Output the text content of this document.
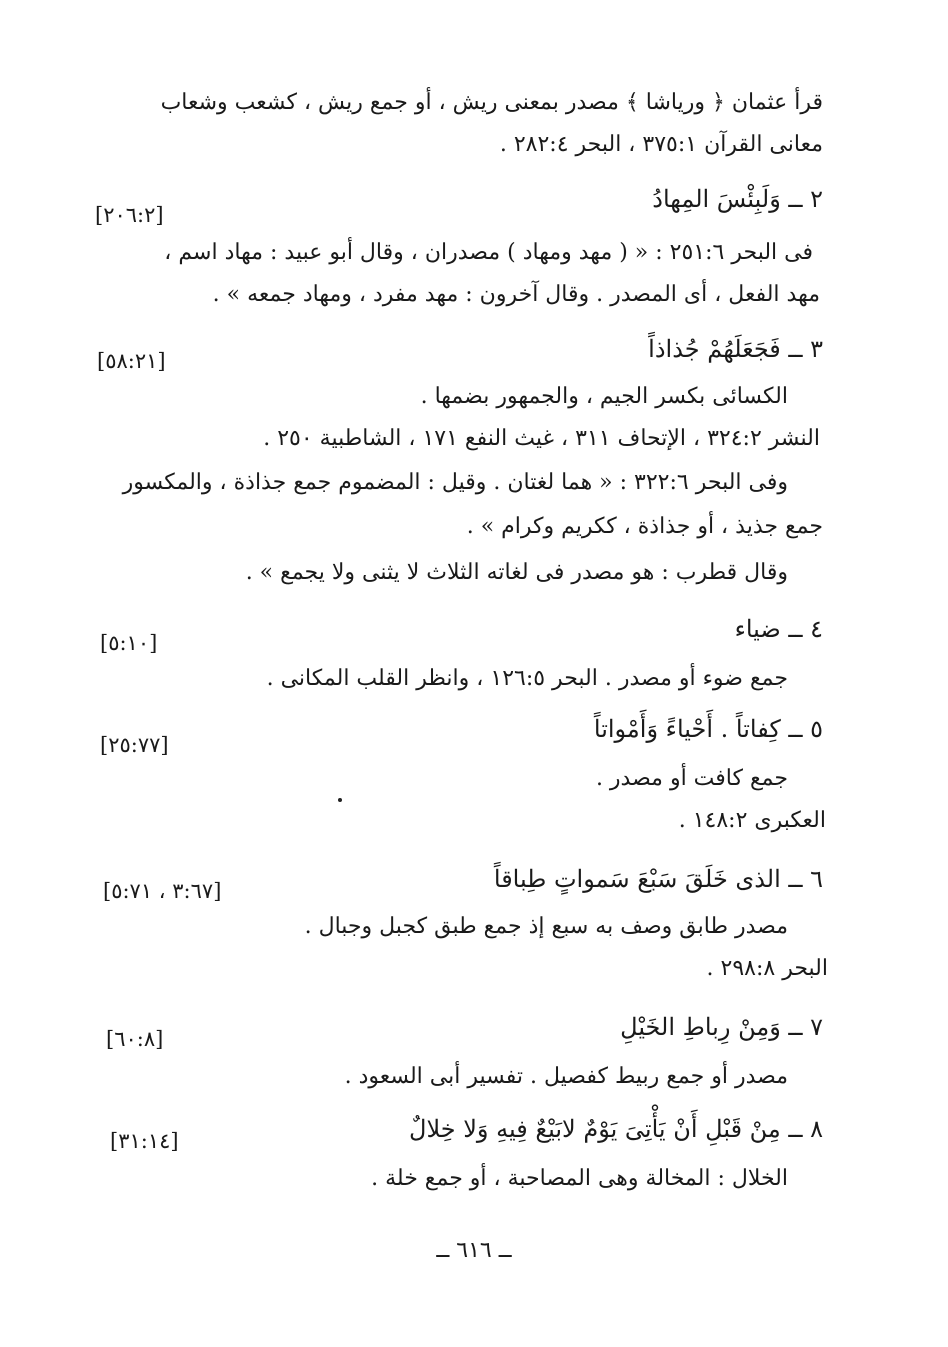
قرأ عثمان ﴿ ورياشا ﴾ مصدر بمعنى ريش ، أو جمع ريش ، كشعب وشعاب
معانى القرآن ٣٧٥:١ ، البحر ٢٨٢:٤ .
٢ ــ وَلَبِئْسَ المِهادُ
[٢٠٦:٢]
فى البحر ٢٥١:٦ : « ( مهد ومهاد ) مصدران ، وقال أبو عبيد : مهاد اسم ،
مهد الفعل ، أى المصدر . وقال آخرون : مهد مفرد ، ومهاد جمعه » .
٣ ــ فَجَعَلَهُمْ جُذاذاً
[٥٨:٢١]
الكسائى بكسر الجيم ، والجمهور بضمها .
النشر ٣٢٤:٢ ، الإتحاف ٣١١ ، غيث النفع ١٧١ ، الشاطبية ٢٥٠ .
وفى البحر ٣٢٢:٦ : « هما لغتان . وقيل : المضموم جمع جذاذة ، والمكسور
جمع جذيذ ، أو جذاذة ، ككريم وكرام » .
وقال قطرب : هو مصدر فى لغاته الثلاث لا يثنى ولا يجمع » .
٤ ــ ضياء
[٥:١٠]
جمع ضوء أو مصدر . البحر ١٢٦:٥ ، وانظر القلب المكانى .
٥ ــ كِفاتاً . أَحْياءً وَأَمْواتاً
[٢٥:٧٧]
جمع كافت أو مصدر .
العكبرى ١٤٨:٢ .
٦ ــ الذى خَلَقَ سَبْعَ سَمواتٍ طِباقاً
[٣:٦٧ ، ٥:٧١]
مصدر طابق وصف به سبع إذ جمع طبق كجبل وجبال .
البحر ٢٩٨:٨ .
٧ ــ وَمِنْ رِباطِ الخَيْلِ
[٦٠:٨]
مصدر أو جمع ربيط كفصيل . تفسير أبى السعود .
٨ ــ مِنْ قَبْلِ أَنْ يَأْتِىَ يَوْمٌ لابَيْعٌ فِيهِ وَلا خِلالٌ
[٣١:١٤]
الخلال : المخالة وهى المصاحبة ، أو جمع خلة .
ــ ٦١٦ ــ
